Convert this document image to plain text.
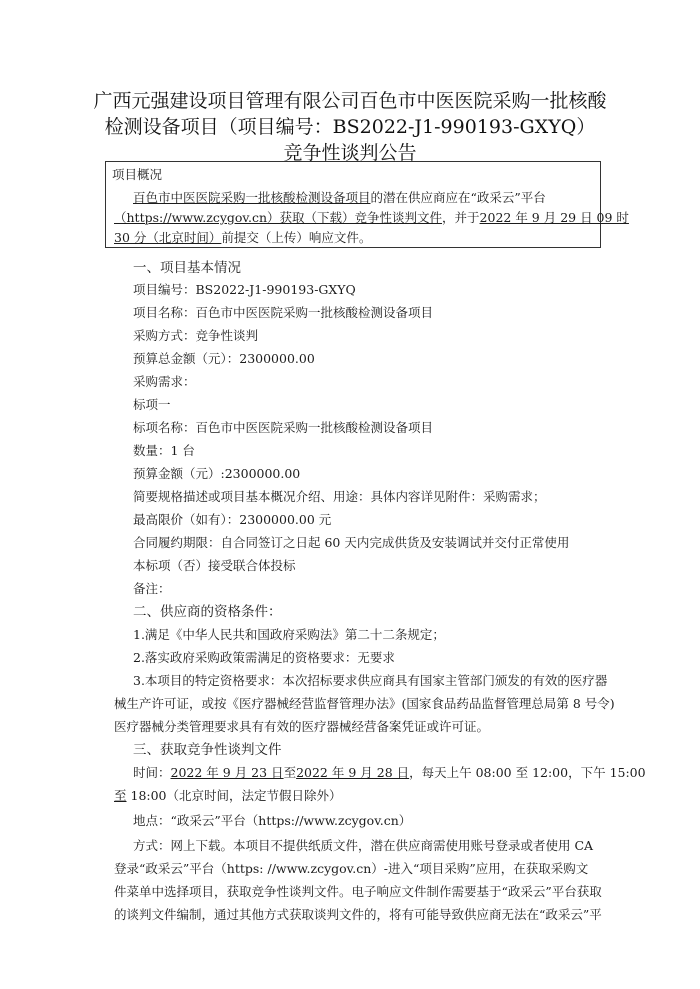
广西元强建设项目管理有限公司百色市中医医院采购一批核酸
检测设备项目（项目编号：BS2022-J1-990193-GXYQ）
竞争性谈判公告
项目概况
百色市中医医院采购一批核酸检测设备项目的潜在供应商应在“政采云”平台
（https://www.zcygov.cn）获取（下载）竞争性谈判文件，并于2022 年 9 月 29 日 09 时
30 分（北京时间）前提交（上传）响应文件。
一、项目基本情况
项目编号：BS2022-J1-990193-GXYQ
项目名称：百色市中医医院采购一批核酸检测设备项目
采购方式：竞争性谈判
预算总金额（元）：2300000.00
采购需求：
标项一
标项名称：百色市中医医院采购一批核酸检测设备项目
数量：1 台
预算金额（元）:2300000.00
简要规格描述或项目基本概况介绍、用途：具体内容详见附件：采购需求；
最高限价（如有）：2300000.00 元
合同履约期限：自合同签订之日起 60 天内完成供货及安装调试并交付正常使用
本标项（否）接受联合体投标
备注：
二、供应商的资格条件：
1.满足《中华人民共和国政府采购法》第二十二条规定；
2.落实政府采购政策需满足的资格要求：无要求
3.本项目的特定资格要求：本次招标要求供应商具有国家主管部门颁发的有效的医疗器
械生产许可证，或按《医疗器械经营监督管理办法》(国家食品药品监督管理总局第 8 号令)
医疗器械分类管理要求具有有效的医疗器械经营备案凭证或许可证。
三、获取竞争性谈判文件
时间：2022 年 9 月 23 日至2022 年 9 月 28 日，每天上午 08:00 至 12:00，下午 15:00
至 18:00（北京时间，法定节假日除外）
地点：“政采云”平台（https://www.zcygov.cn）
方式：网上下载。本项目不提供纸质文件，潜在供应商需使用账号登录或者使用 CA
登录“政采云”平台（https: //www.zcygov.cn）-进入“项目采购”应用，在获取采购文
件菜单中选择项目，获取竞争性谈判文件。电子响应文件制作需要基于“政采云”平台获取
的谈判文件编制，通过其他方式获取谈判文件的，将有可能导致供应商无法在“政采云”平
